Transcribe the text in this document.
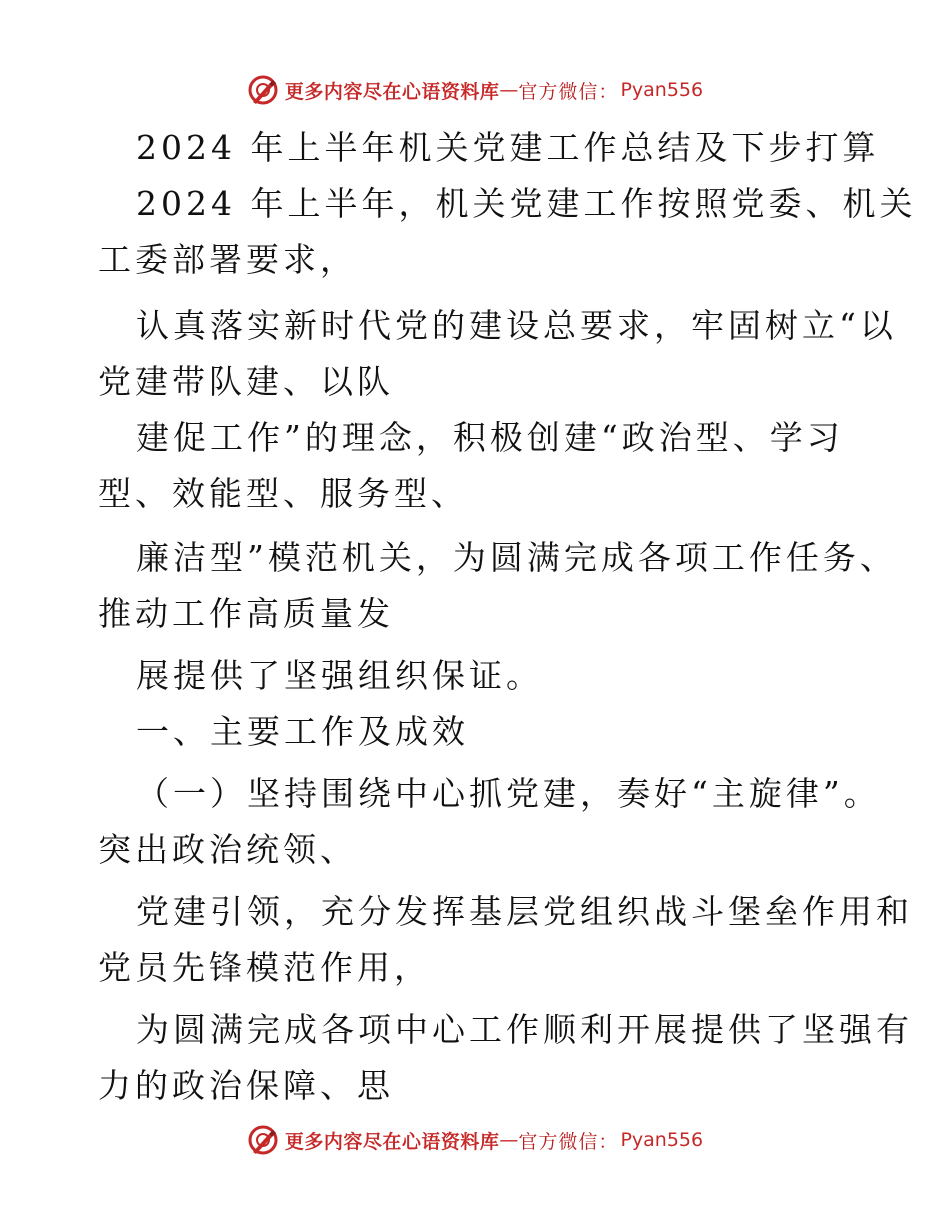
更多内容尽在心语资料库 — 官方微信： Pyan556
2024 年上半年机关党建工作总结及下步打算
2024 年上半年，机关党建工作按照党委、机关
工委部署要求，
认真落实新时代党的建设总要求，牢固树立“以
党建带队建、以队
建促工作”的理念，积极创建“政治型、学习
型、效能型、服务型、
廉洁型”模范机关，为圆满完成各项工作任务、
推动工作高质量发
展提供了坚强组织保证。
一、主要工作及成效
（一）坚持围绕中心抓党建，奏好“主旋律”。
突出政治统领、
党建引领，充分发挥基层党组织战斗堡垒作用和
党员先锋模范作用，
为圆满完成各项中心工作顺利开展提供了坚强有
力的政治保障、思
更多内容尽在心语资料库 — 官方微信： Pyan556
